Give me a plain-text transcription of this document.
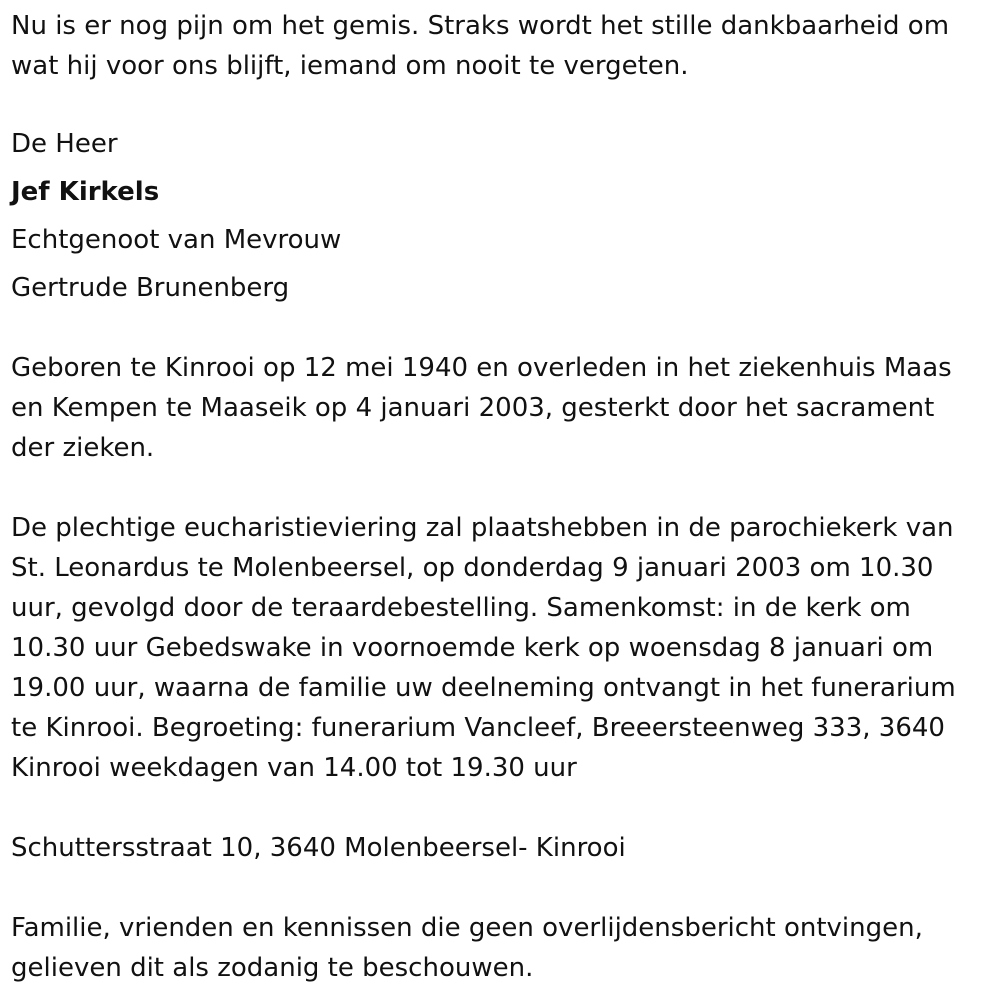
Nu is er nog pijn om het gemis. Straks wordt het stille dankbaarheid om
wat hij voor ons blijft, iemand om nooit te vergeten.

De Heer
Jef Kirkels
Echtgenoot van Mevrouw
Gertrude Brunenberg

Geboren te Kinrooi op 12 mei 1940 en overleden in het ziekenhuis Maas
en Kempen te Maaseik op 4 januari 2003, gesterkt door het sacrament
der zieken.

De plechtige eucharistieviering zal plaatshebben in de parochiekerk van
St. Leonardus te Molenbeersel, op donderdag 9 januari 2003 om 10.30
uur, gevolgd door de teraardebestelling. Samenkomst: in de kerk om
10.30 uur Gebedswake in voornoemde kerk op woensdag 8 januari om
19.00 uur, waarna de familie uw deelneming ontvangt in het funerarium
te Kinrooi. Begroeting: funerarium Vancleef, Breeersteenweg 333, 3640
Kinrooi weekdagen van 14.00 tot 19.30 uur

Schuttersstraat 10, 3640 Molenbeersel- Kinrooi

Familie, vrienden en kennissen die geen overlijdensbericht ontvingen,
gelieven dit als zodanig te beschouwen.
